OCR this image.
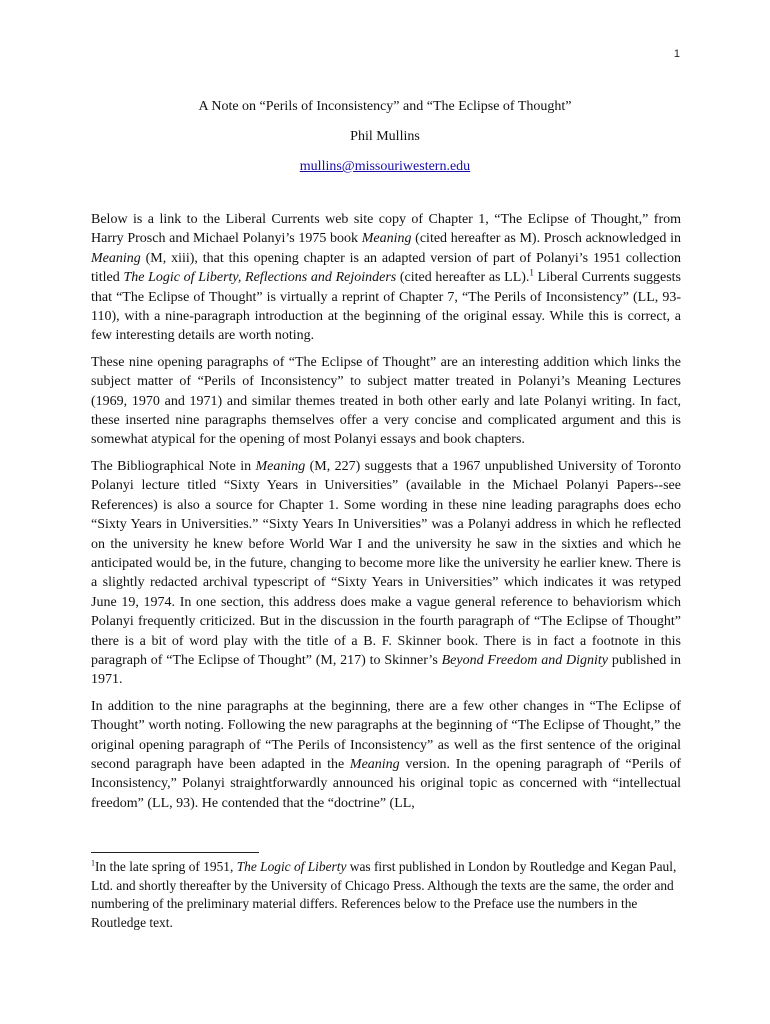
1
A Note on “Perils of Inconsistency” and “The Eclipse of Thought”
Phil Mullins
mullins@missouriwestern.edu

Below is a link to the Liberal Currents web site copy of Chapter 1, “The Eclipse of Thought,” from Harry Prosch and Michael Polanyi’s 1975 book Meaning (cited hereafter as M). Prosch acknowledged in Meaning (M, xiii), that this opening chapter is an adapted version of part of Polanyi’s 1951 collection titled The Logic of Liberty, Reflections and Rejoinders (cited hereafter as LL).$^1$ Liberal Currents suggests that “The Eclipse of Thought” is virtually a reprint of Chapter 7, “The Perils of Inconsistency” (LL, 93-110), with a nine-paragraph introduction at the beginning of the original essay. While this is correct, a few interesting details are worth noting.

These nine opening paragraphs of “The Eclipse of Thought” are an interesting addition which links the subject matter of “Perils of Inconsistency” to subject matter treated in Polanyi’s Meaning Lectures (1969, 1970 and 1971) and similar themes treated in both other early and late Polanyi writing. In fact, these inserted nine paragraphs themselves offer a very concise and complicated argument and this is somewhat atypical for the opening of most Polanyi essays and book chapters.

The Bibliographical Note in Meaning (M, 227) suggests that a 1967 unpublished University of Toronto Polanyi lecture titled “Sixty Years in Universities” (available in the Michael Polanyi Papers--see References) is also a source for Chapter 1. Some wording in these nine leading paragraphs does echo “Sixty Years in Universities.” “Sixty Years In Universities” was a Polanyi address in which he reflected on the university he knew before World War I and the university he saw in the sixties and which he anticipated would be, in the future, changing to become more like the university he earlier knew. There is a slightly redacted archival typescript of “Sixty Years in Universities” which indicates it was retyped June 19, 1974. In one section, this address does make a vague general reference to behaviorism which Polanyi frequently criticized. But in the discussion in the fourth paragraph of “The Eclipse of Thought” there is a bit of word play with the title of a B. F. Skinner book. There is in fact a footnote in this paragraph of “The Eclipse of Thought” (M, 217) to Skinner’s Beyond Freedom and Dignity published in 1971.

In addition to the nine paragraphs at the beginning, there are a few other changes in “The Eclipse of Thought” worth noting. Following the new paragraphs at the beginning of “The Eclipse of Thought,” the original opening paragraph of “The Perils of Inconsistency” as well as the first sentence of the original second paragraph have been adapted in the Meaning version. In the opening paragraph of “Perils of Inconsistency,” Polanyi straightforwardly announced his original topic as concerned with “intellectual freedom” (LL, 93). He contended that the “doctrine” (LL,

$^1$In the late spring of 1951, The Logic of Liberty was first published in London by Routledge and Kegan Paul, Ltd. and shortly thereafter by the University of Chicago Press. Although the texts are the same, the order and numbering of the preliminary material differs. References below to the Preface use the numbers in the Routledge text.
